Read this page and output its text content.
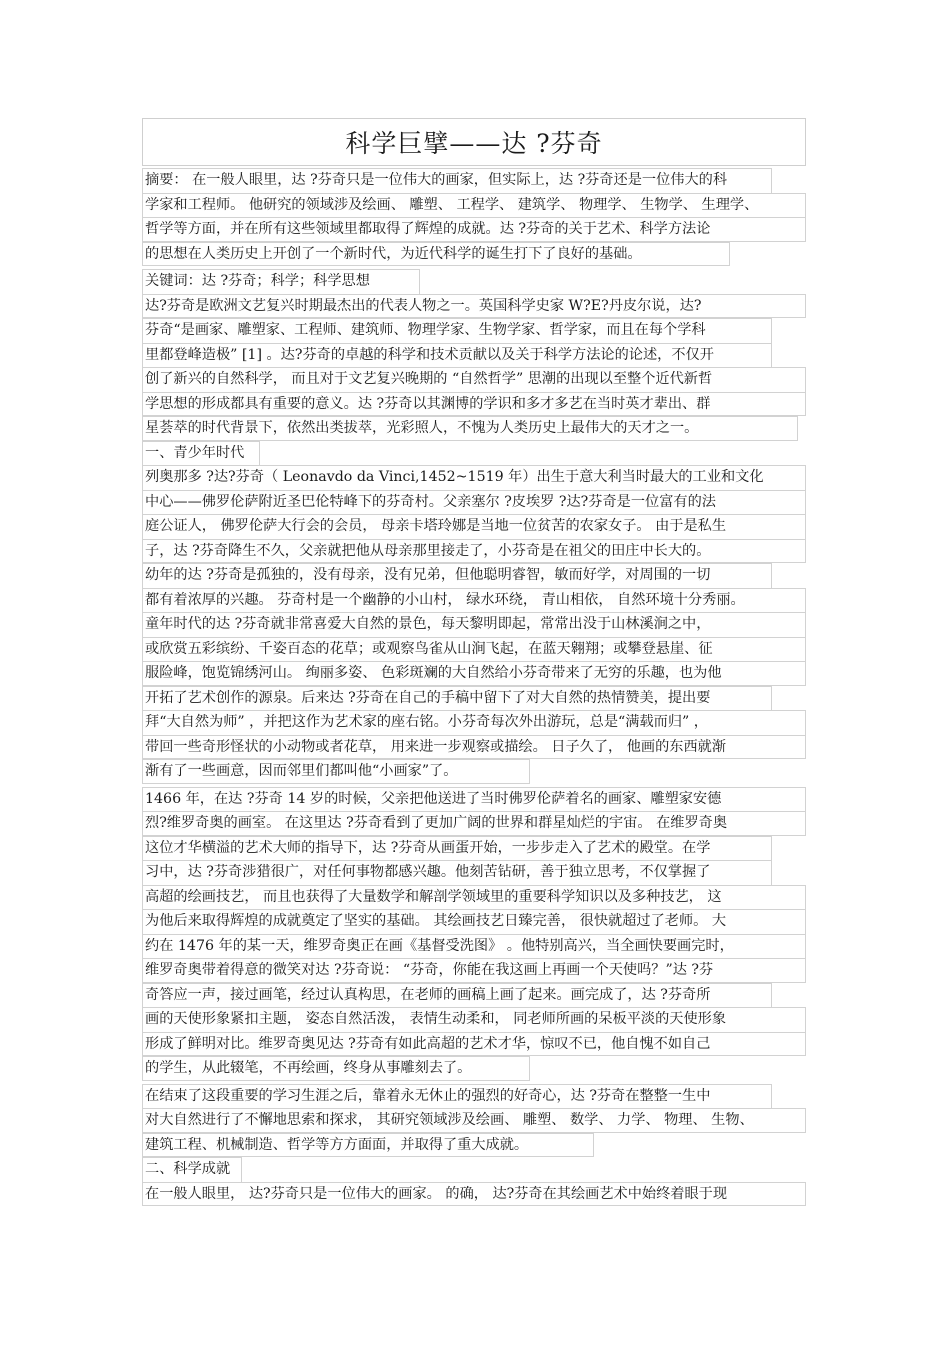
科学巨擘——达 ?芬奇
摘要： 在一般人眼里，达 ?芬奇只是一位伟大的画家，但实际上，达 ?芬奇还是一位伟大的科
学家和工程师。 他研究的领域涉及绘画、 雕塑、 工程学、 建筑学、 物理学、 生物学、 生理学、
哲学等方面，并在所有这些领域里都取得了辉煌的成就。达 ?芬奇的关于艺术、科学方法论
的思想在人类历史上开创了一个新时代，为近代科学的诞生打下了良好的基础。
关键词：达 ?芬奇；科学；科学思想
达?芬奇是欧洲文艺复兴时期最杰出的代表人物之一。英国科学史家 W?E?丹皮尔说，达?
芬奇“是画家、雕塑家、工程师、建筑师、物理学家、生物学家、哲学家，而且在每个学科
里都登峰造极” [1] 。达?芬奇的卓越的科学和技术贡献以及关于科学方法论的论述，不仅开
创了新兴的自然科学， 而且对于文艺复兴晚期的 “自然哲学” 思潮的出现以至整个近代新哲
学思想的形成都具有重要的意义。达 ?芬奇以其渊博的学识和多才多艺在当时英才辈出、群
星荟萃的时代背景下，依然出类拔萃，光彩照人，不愧为人类历史上最伟大的天才之一。
一、青少年时代
列奥那多 ?达?芬奇（ Leonavdo da Vinci,1452~1519 年）出生于意大利当时最大的工业和文化
中心——佛罗伦萨附近圣巴伦特峰下的芬奇村。父亲塞尔 ?皮埃罗 ?达?芬奇是一位富有的法
庭公证人， 佛罗伦萨大行会的会员， 母亲卡塔玲娜是当地一位贫苦的农家女子。 由于是私生
子，达 ?芬奇降生不久，父亲就把他从母亲那里接走了，小芬奇是在祖父的田庄中长大的。
幼年的达 ?芬奇是孤独的，没有母亲，没有兄弟，但他聪明睿智，敏而好学，对周围的一切
都有着浓厚的兴趣。 芬奇村是一个幽静的小山村， 绿水环绕， 青山相依， 自然环境十分秀丽。
童年时代的达 ?芬奇就非常喜爱大自然的景色，每天黎明即起，常常出没于山林溪涧之中，
或欣赏五彩缤纷、千姿百态的花草；或观察鸟雀从山涧飞起，在蓝天翱翔；或攀登悬崖、征
服险峰，饱览锦绣河山。 绚丽多姿、 色彩斑斓的大自然给小芬奇带来了无穷的乐趣，也为他
开拓了艺术创作的源泉。后来达 ?芬奇在自己的手稿中留下了对大自然的热情赞美，提出要
拜“大自然为师” ，并把这作为艺术家的座右铭。小芬奇每次外出游玩，总是“满载而归” ，
带回一些奇形怪状的小动物或者花草， 用来进一步观察或描绘。 日子久了， 他画的东西就渐
渐有了一些画意，因而邻里们都叫他“小画家”了。
1466 年，在达 ?芬奇 14 岁的时候，父亲把他送进了当时佛罗伦萨着名的画家、雕塑家安德
烈?维罗奇奥的画室。 在这里达 ?芬奇看到了更加广阔的世界和群星灿烂的宇宙。 在维罗奇奥
这位才华横溢的艺术大师的指导下，达 ?芬奇从画蛋开始，一步步走入了艺术的殿堂。在学
习中，达 ?芬奇涉猎很广，对任何事物都感兴趣。他刻苦钻研，善于独立思考，不仅掌握了
高超的绘画技艺， 而且也获得了大量数学和解剖学领域里的重要科学知识以及多种技艺， 这
为他后来取得辉煌的成就奠定了坚实的基础。 其绘画技艺日臻完善， 很快就超过了老师。 大
约在 1476 年的某一天，维罗奇奥正在画《基督受洗图》 。他特别高兴，当全画快要画完时，
维罗奇奥带着得意的微笑对达 ?芬奇说： “芬奇，你能在我这画上再画一个天使吗？”达 ?芬
奇答应一声，接过画笔，经过认真构思，在老师的画稿上画了起来。画完成了，达 ?芬奇所
画的天使形象紧扣主题， 姿态自然活泼， 表情生动柔和， 同老师所画的呆板平淡的天使形象
形成了鲜明对比。维罗奇奥见达 ?芬奇有如此高超的艺术才华，惊叹不已，他自愧不如自己
的学生，从此辍笔，不再绘画，终身从事雕刻去了。
在结束了这段重要的学习生涯之后，靠着永无休止的强烈的好奇心，达 ?芬奇在整整一生中
对大自然进行了不懈地思索和探求， 其研究领域涉及绘画、 雕塑、 数学、 力学、 物理、 生物、
建筑工程、机械制造、哲学等方方面面，并取得了重大成就。
二、科学成就
在一般人眼里， 达?芬奇只是一位伟大的画家。 的确， 达?芬奇在其绘画艺术中始终着眼于现
